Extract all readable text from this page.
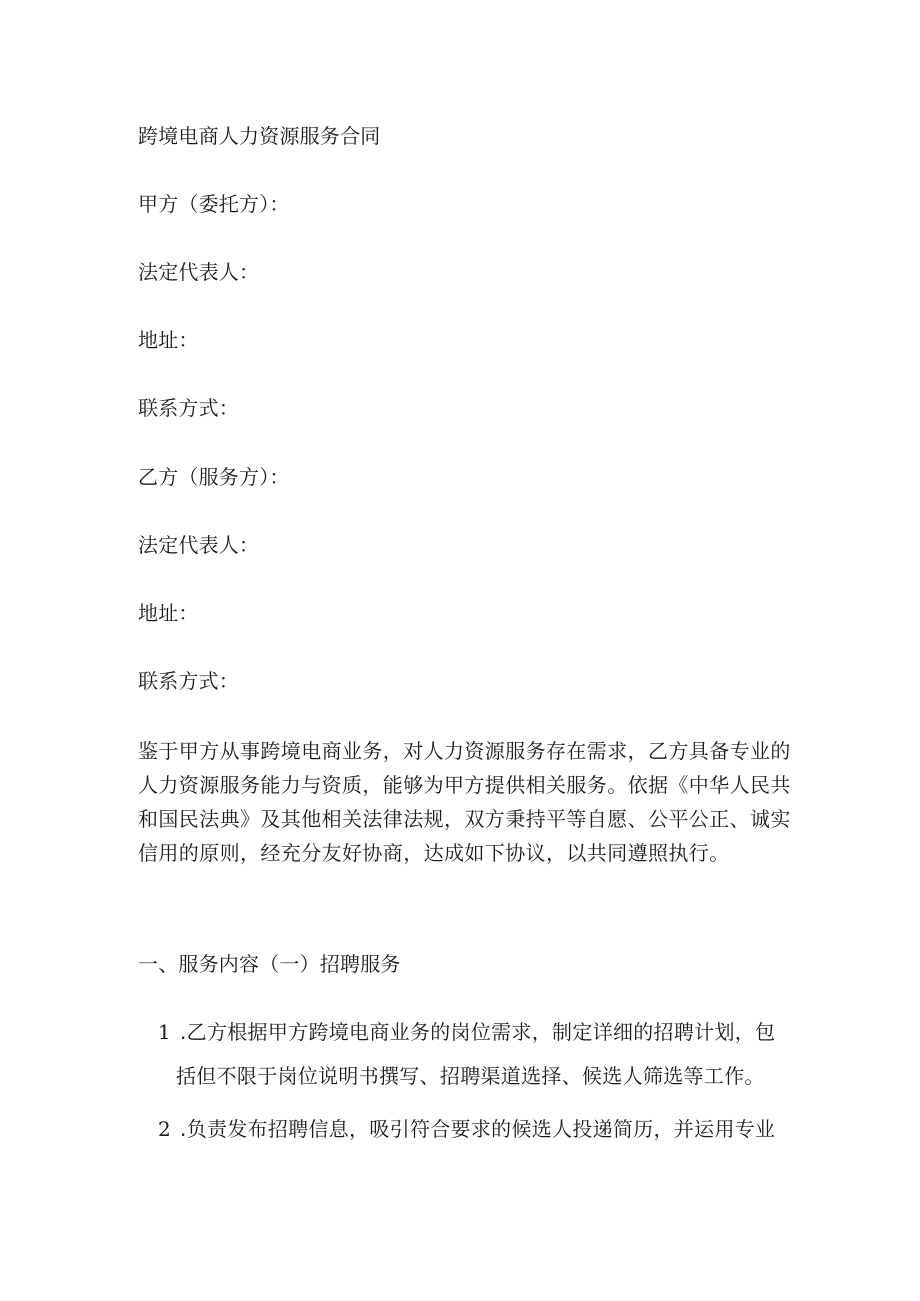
跨境电商人力资源服务合同
甲方（委托方）：
法定代表人：
地址：
联系方式：
乙方（服务方）：
法定代表人：
地址：
联系方式：
鉴于甲方从事跨境电商业务，对人力资源服务存在需求，乙方具备专业的
人力资源服务能力与资质，能够为甲方提供相关服务。依据《中华人民共
和国民法典》及其他相关法律法规，双方秉持平等自愿、公平公正、诚实
信用的原则，经充分友好协商，达成如下协议，以共同遵照执行。
一、服务内容（一）招聘服务
1 .乙方根据甲方跨境电商业务的岗位需求，制定详细的招聘计划，包
括但不限于岗位说明书撰写、招聘渠道选择、候选人筛选等工作。
2 .负责发布招聘信息，吸引符合要求的候选人投递简历，并运用专业
